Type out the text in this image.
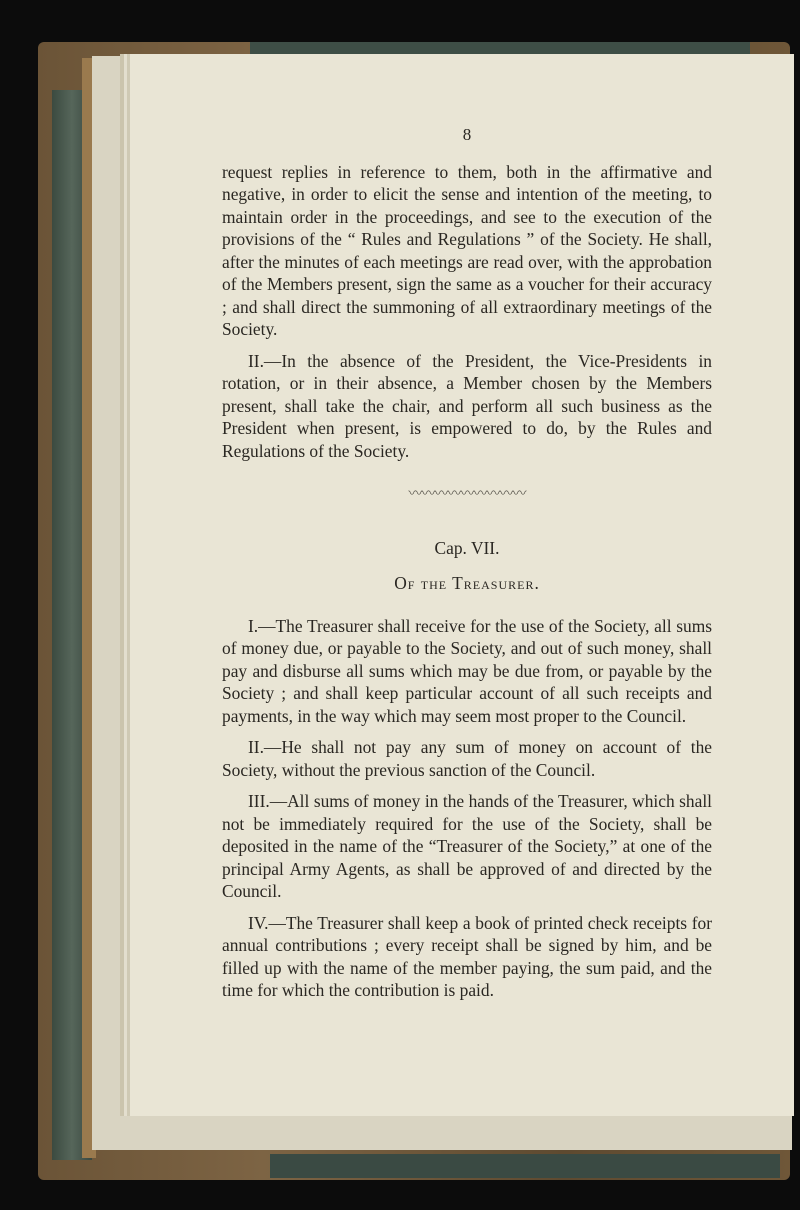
8

request replies in reference to them, both in the affirmative and negative, in order to elicit the sense and intention of the meeting, to maintain order in the proceedings, and see to the execution of the provisions of the “ Rules and Regulations ” of the Society. He shall, after the minutes of each meetings are read over, with the approbation of the Members present, sign the same as a voucher for their accuracy ; and shall direct the summoning of all extraordinary meetings of the Society.

II.—In the absence of the President, the Vice-Presidents in rotation, or in their absence, a Member chosen by the Members present, shall take the chair, and perform all such business as the President when present, is empowered to do, by the Rules and Regulations of the Society.

〰〰〰〰〰〰〰〰〰
Cap. VII.
Of the Treasurer.

I.—The Treasurer shall receive for the use of the Society, all sums of money due, or payable to the Society, and out of such money, shall pay and disburse all sums which may be due from, or payable by the Society ; and shall keep particular account of all such receipts and payments, in the way which may seem most proper to the Council.

II.—He shall not pay any sum of money on account of the Society, without the previous sanction of the Council.

III.—All sums of money in the hands of the Treasurer, which shall not be immediately required for the use of the Society, shall be deposited in the name of the “Treasurer of the Society,” at one of the principal Army Agents, as shall be approved of and directed by the Council.

IV.—The Treasurer shall keep a book of printed check receipts for annual contributions ; every receipt shall be signed by him, and be filled up with the name of the member paying, the sum paid, and the time for which the contribution is paid.
